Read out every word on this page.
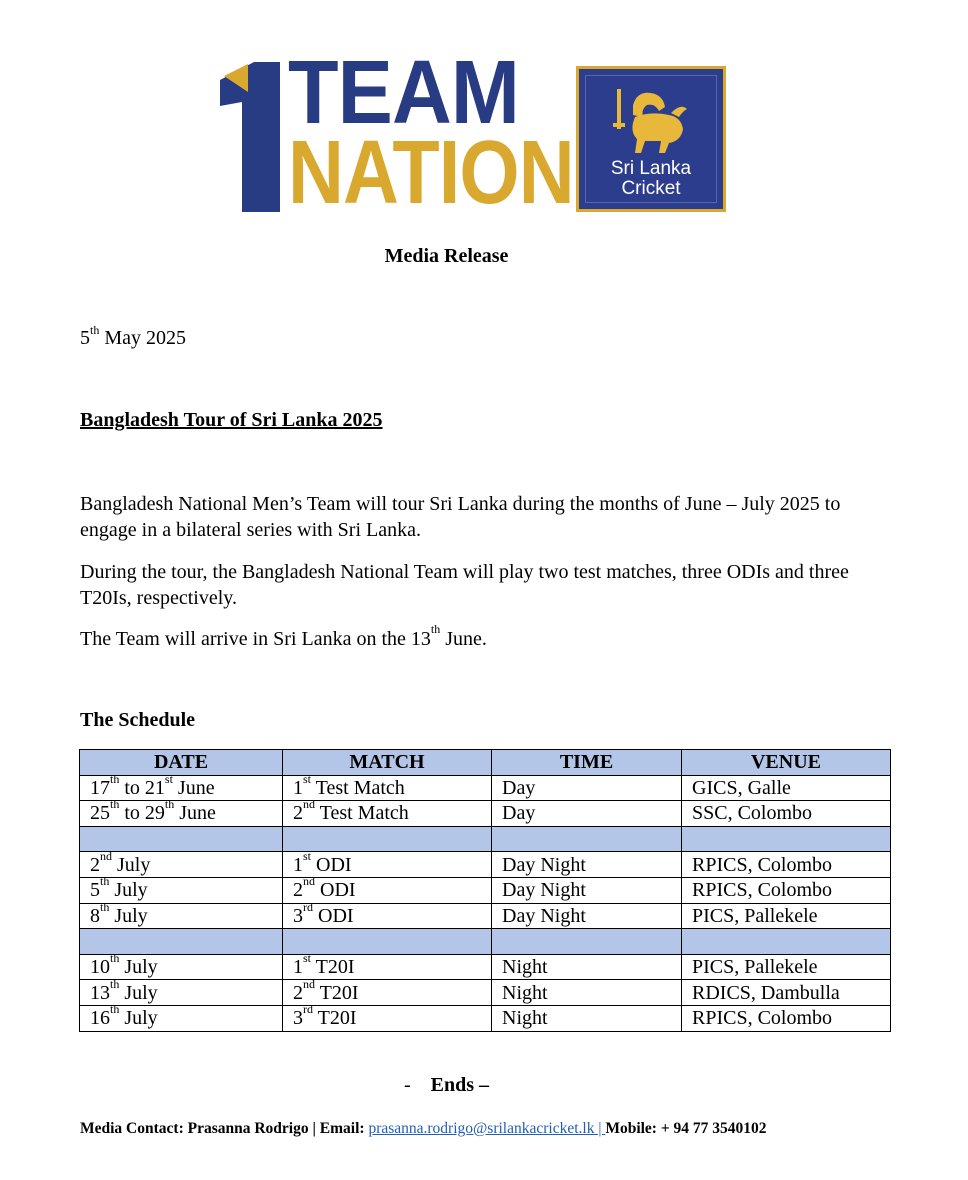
TEAM
NATION	Sri Lanka
Cricket
Media Release
5th May 2025
Bangladesh Tour of Sri Lanka 2025

Bangladesh National Men’s Team will tour Sri Lanka during the months of June – July 2025 to engage in a bilateral series with Sri Lanka.

During the tour, the Bangladesh National Team will play two test matches, three ODIs and three T20Is, respectively.

The Team will arrive in Sri Lanka on the 13th June.

The Schedule
DATE	MATCH	TIME	VENUE
17th to 21st June	1st Test Match	Day	GICS, Galle
25th to 29th June	2nd Test Match	Day	SSC, Colombo

2nd July	1st ODI	Day Night	RPICS, Colombo
5th July	2nd ODI	Day Night	RPICS, Colombo
8th July	3rd ODI	Day Night	PICS, Pallekele

10th July	1st T20I	Night	PICS, Pallekele
13th July	2nd T20I	Night	RDICS, Dambulla
16th July	3rd T20I	Night	RPICS, Colombo
- Ends –
Media Contact: Prasanna Rodrigo | Email: prasanna.rodrigo@srilankacricket.lk | Mobile: + 94 77 3540102
